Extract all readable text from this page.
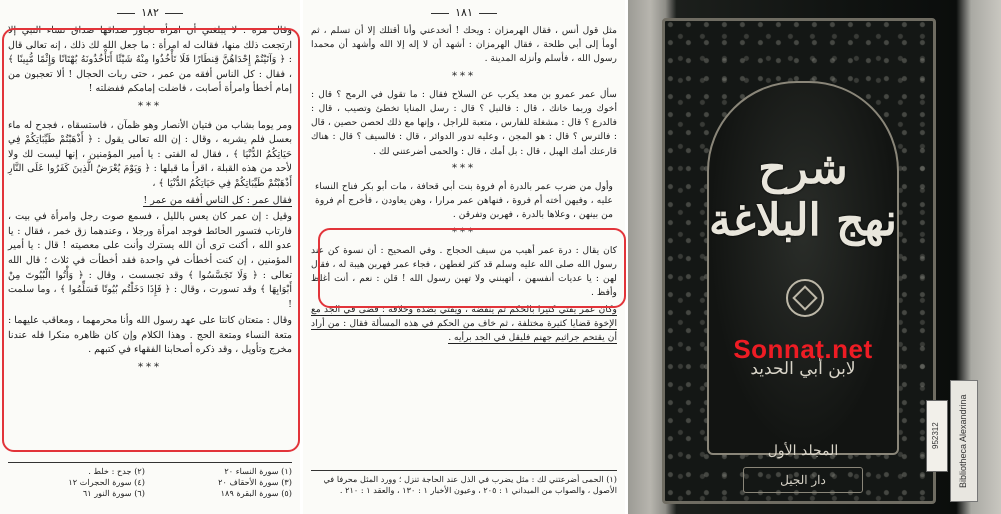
١٨٢

وقال مرة : لا يبلغني أن امرأة تجاوز صداقها صداق نساء النبي إلا ارتجعت ذلك منها، فقالت له امرأة : ما جعل الله لك ذلك ، إنه تعالى قال : ﴿ وَآتَيْتُمْ إِحْدَاهُنَّ قِنطَارًا فَلَا تَأْخُذُوا مِنْهُ شَيْئًا أَتَأْخُذُونَهُ بُهْتَانًا وَإِثْمًا مُّبِينًا ﴾ ، فقال : كل الناس أفقه من عمر ، حتى ربات الحجال ! ألا تعجبون من إمام أخطأ وامرأة أصابت ، فاضلت إمامكم ففضلته !

***

ومر يوما بشاب من فتيان الأنصار وهو ظمآن ، فاستسقاه ، فجدح له ماء بعسل فلم يشربه ، وقال : إن الله تعالى يقول : ﴿ أَذْهَبْتُمْ طَيِّبَاتِكُمْ فِي حَيَاتِكُمُ الدُّنْيَا ﴾ ، فقال له الفتى : يا أمير المؤمنين ، إنها ليست لك ولا لأحد من هذه القبلة ، اقرأ ما قبلها : ﴿ وَيَوْمَ يُعْرَضُ الَّذِينَ كَفَرُوا عَلَى النَّارِ أَذْهَبْتُمْ طَيِّبَاتِكُمْ فِي حَيَاتِكُمُ الدُّنْيَا ﴾ ،

فقال عمر : كل الناس أفقه من عمر !

وقيل : إن عمر كان يعس بالليل ، فسمع صوت رجل وامرأة في بيت ، فارتاب فتسور الحائط فوجد امرأة ورجلا ، وعندهما زق خمر ، فقال : يا عدو الله ، أكنت ترى أن الله يسترك وأنت على معصيته ! قال : يا أمير المؤمنين ، إن كنت أخطأت في واحدة فقد أخطأت في ثلاث ؛ قال الله تعالى : ﴿ وَلَا تَجَسَّسُوا ﴾ وقد تجسست ، وقال : ﴿ وَأْتُوا الْبُيُوتَ مِنْ أَبْوَابِهَا ﴾ وقد تسورت ، وقال : ﴿ فَإِذَا دَخَلْتُم بُيُوتًا فَسَلِّمُوا ﴾ ، وما سلمت !

وقال : متعتان كانتا على عهد رسول الله وأنا محرمهما ، ومعاقب عليهما : متعة النساء ومتعة الحج . وهذا الكلام وإن كان ظاهره منكرا فله عندنا مخرج وتأويل ، وقد ذكره أصحابنا الفقهاء في كتبهم .

***
(١) سورة النساء ٢٠
(٢) جدح : خلط .
(٣) سورة الأحقاف ٢٠
(٤) سورة الحجرات ١٢
(٥) سورة البقرة ١٨٩
(٦) سورة النور ٦١
١٨١

مثل قول أنس ، فقال الهرمزان : ويحك ! أتخدعني وأنا أقتلك إلا أن تسلم ، ثم أومأ إلى أبي طلحة ، فقال الهرمزان : أشهد أن لا إله إلا الله وأشهد أن محمدا رسول الله ، فأسلم وأنزله المدينة .

***

سأل عمر عمرو بن معد يكرب عن السلاح فقال : ما تقول في الرمح ؟ قال : أخوك وربما خانك ، قال : فالنبل ؟ قال : رسل المنايا تخطئ وتصيب ، قال : فالدرع ؟ قال : مشغلة للفارس ، متعبة للراجل ، وإنها مع ذلك لحصن حصين ، قال : فالترس ؟ قال : هو المجن ، وعليه تدور الدوائر ، قال : فالسيف ؟ قال : هناك قارعتك أمك الهبل ، قال : بل أمك ، قال : والحمى أضرعتني لك .

***

وأول من ضرب عمر بالدرة أم فروة بنت أبي قحافة ، مات أبو بكر فناح النساء عليه ، وفيهن أخته أم فروة ، فنهاهن عمر مرارا ، وهن يعاودن ، فأخرج أم فروة من بينهن ، وعلاها بالدرة ، فهربن وتفرقن .

***

كان يقال : درة عمر أهيب من سيف الحجاج . وفي الصحيح : أن نسوة كن عند رسول الله صلى الله عليه وسلم قد كثر لغطهن ، فجاء عمر فهربن هيبة له ، فقال لهن : يا عديات أنفسهن ، أتهبنني ولا تهبن رسول الله ! قلن : نعم ، أنت أغلظ وأفظ .

وكان عمر يفتي كثيرا بالحكم ثم ينقضه ، ويفتي بضده وخلافه ؛ قضى في الجد مع الإخوة قضايا كثيرة مختلفة ، ثم خاف من الحكم في هذه المسألة فقال : من أراد أن يقتحم جراثيم جهنم فليقل في الجد برأيه .

(١) الحمى أضرعتني لك : مثل يضرب في الذل عند الحاجة تنزل ؛ وورد المثل محرفا في الأصول ، والصواب من الميداني ١ : ٢٠٥ ، وعيون الأخبار ١ : ١٣٠ ، والعقد ١ : ٢١٠ .
شرح
نهج البلاغة
لابن أبي الحديد
المجلد الأول
دار الجيل
952312	Bibliotheca Alexandrina
Sonnat.net
